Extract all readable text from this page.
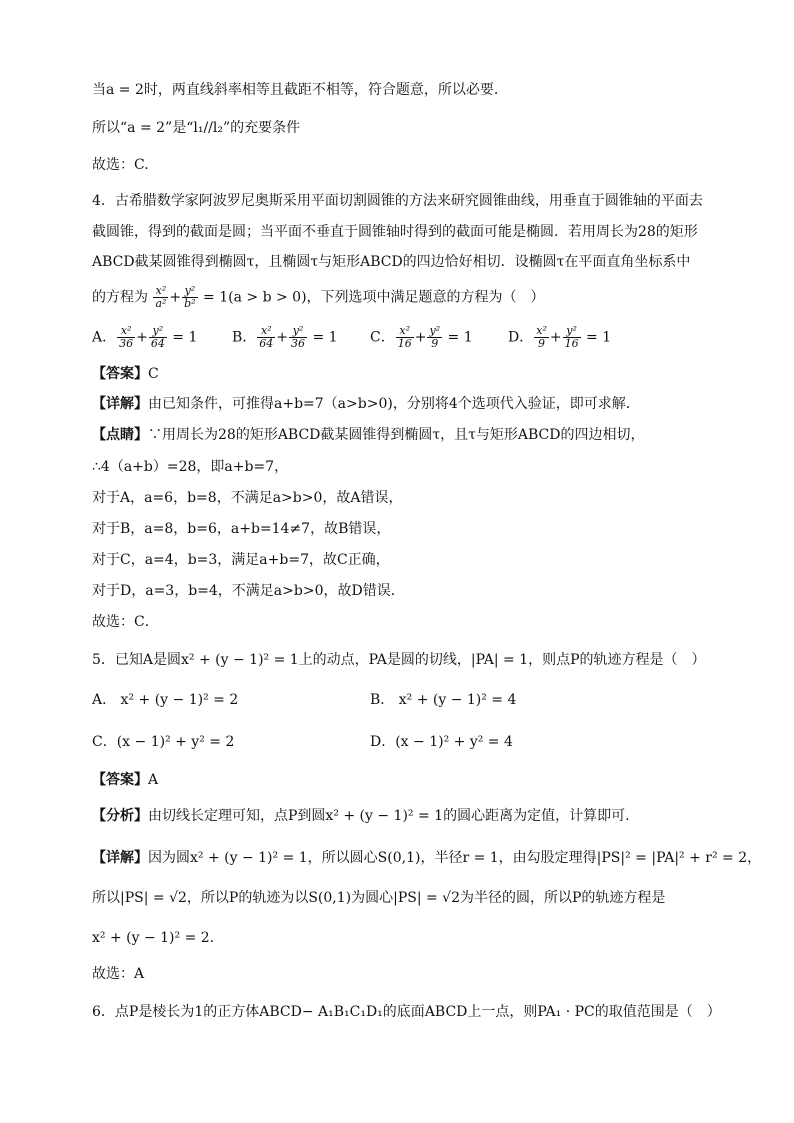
当a = 2时，两直线斜率相等且截距不相等，符合题意，所以必要.
所以“a = 2”是“l₁//l₂”的充要条件
故选：C.
4．古希腊数学家阿波罗尼奥斯采用平面切割圆锥的方法来研究圆锥曲线，用垂直于圆锥轴的平面去
截圆锥，得到的截面是圆；当平面不垂直于圆锥轴时得到的截面可能是椭圆．若用周长为28的矩形
ABCD截某圆锥得到椭圆τ，且椭圆τ与矩形ABCD的四边恰好相切．设椭圆τ在平面直角坐标系中
的方程为 $\frac{\text{x²}}{\text{a²}} + \frac{\text{y²}}{\text{b²}} = 1(a > b > 0)$，下列选项中满足题意的方程为（　）
A． $\frac{\text{x²}}{36} + \frac{\text{y²}}{64} = 1$ B． $\frac{\text{x²}}{64} + \frac{\text{y²}}{36} = 1$ C． $\frac{\text{x²}}{16} + \frac{\text{y²}}{9} = 1$	D． $\frac{\text{x²}}{9} + \frac{\text{y²}}{16} = 1$
【答案】C
【详解】由已知条件，可推得a+b=7（a>b>0)，分别将4个选项代入验证，即可求解．
【点睛】∵用周长为28的矩形ABCD截某圆锥得到椭圆τ，且τ与矩形ABCD的四边相切，
∴4（a+b）=28，即a+b=7，
对于A，a=6，b=8，不满足a>b>0，故A错误，
对于B，a=8，b=6，a+b=14≠7，故B错误，
对于C，a=4，b=3，满足a+b=7，故C正确，
对于D，a=3，b=4，不满足a>b>0，故D错误．
故选：C．
5．已知A是圆x² + (y − 1)² = 1上的动点，PA是圆的切线，|PA| = 1，则点P的轨迹方程是（　）
A． x² + (y − 1)² = 2	B． x² + (y − 1)² = 4
C．(x − 1)² + y² = 2	D．(x − 1)² + y² = 4
【答案】A
【分析】由切线长定理可知，点P到圆x² + (y − 1)² = 1的圆心距离为定值，计算即可.
【详解】因为圆x² + (y − 1)² = 1，所以圆心S(0,1)，半径r = 1，由勾股定理得|PS|² = |PA|² + r² = 2，
所以|PS| = √2，所以P的轨迹为以S(0,1)为圆心|PS| = √2为半径的圆，所以P的轨迹方程是
x² + (y − 1)² = 2.
故选：A
6．点P是棱长为1的正方体ABCD− A₁B₁C₁D₁的底面ABCD上一点，则PA₁ · PC的取值范围是（　）
